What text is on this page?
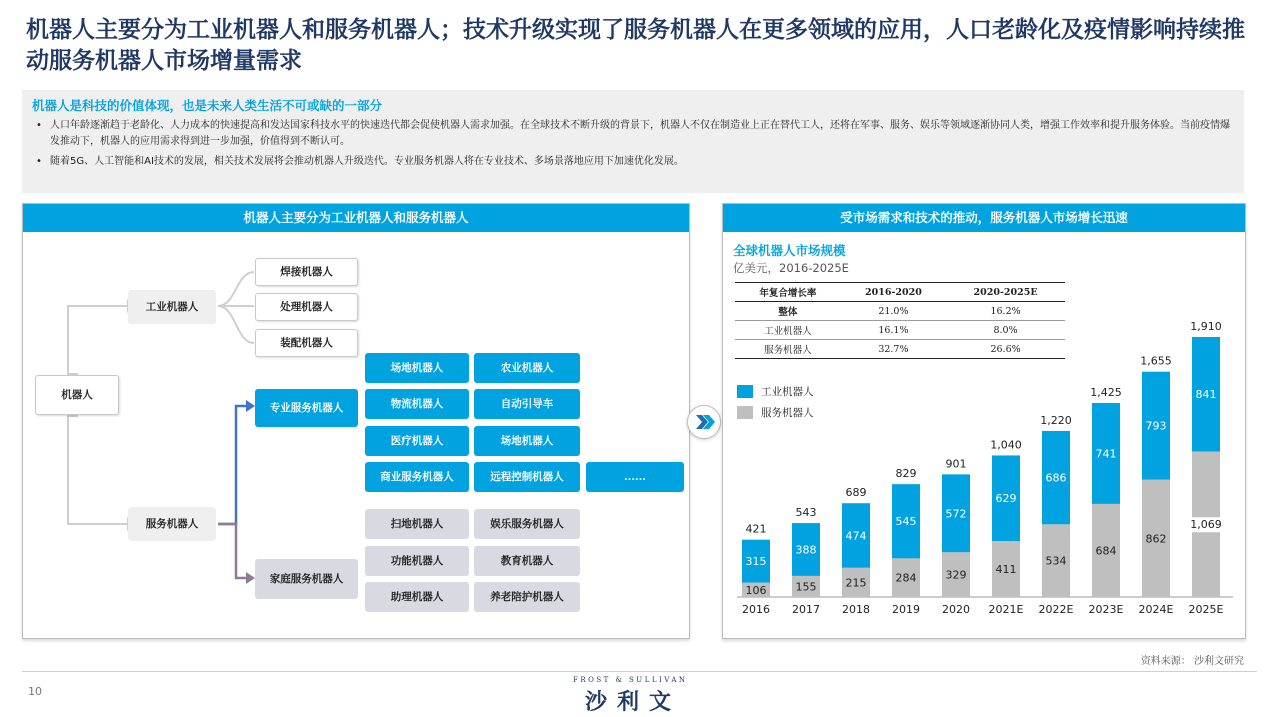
机器人主要分为工业机器人和服务机器人；技术升级实现了服务机器人在更多领域的应用，人口老龄化及疫情影响持续推动服务机器人市场增量需求
机器人是科技的价值体现，也是未来人类生活不可或缺的一部分
• 人口年龄逐渐趋于老龄化、人力成本的快速提高和发达国家科技水平的快速迭代都会促使机器人需求加强。在全球技术不断升级的背景下，机器人不仅在制造业上正在替代工人，还将在军事、服务、娱乐等领域逐渐协同人类，增强工作效率和提升服务体验。当前疫情爆发推动下，机器人的应用需求得到进一步加强，价值得到不断认可。
• 随着5G、人工智能和AI技术的发展，相关技术发展将会推动机器人升级迭代。专业服务机器人将在专业技术、多场景落地应用下加速优化发展。
机器人主要分为工业机器人和服务机器人
机器人
工业机器人
服务机器人
焊接机器人
处理机器人
装配机器人
专业服务机器人
家庭服务机器人
场地机器人	农业机器人
物流机器人	自动引导车
医疗机器人	场地机器人
商业服务机器人	远程控制机器人	......
扫地机器人	娱乐服务机器人
功能机器人	教育机器人
助理机器人	养老陪护机器人
受市场需求和技术的推动，服务机器人市场增长迅速
全球机器人市场规模
亿美元，2016-2025E
年复合增长率	2016-2020	2020-2025E
整体	21.0%	16.2%
工业机器人	16.1%	8.0%
服务机器人	32.7%	26.6%
工业机器人
服务机器人
106
315
421
2016
155
388
543
2017
215
474
689
2018
284
545
829
2019
329
572
901
2020
411
629
1,040
2021E
534
686
1,220
2022E
684
741
1,425
2023E
862
793
1,655
2024E
1,069
841
1,910
2025E
资料来源： 沙利文研究
10
FROST & SULLIVAN
沙利文
